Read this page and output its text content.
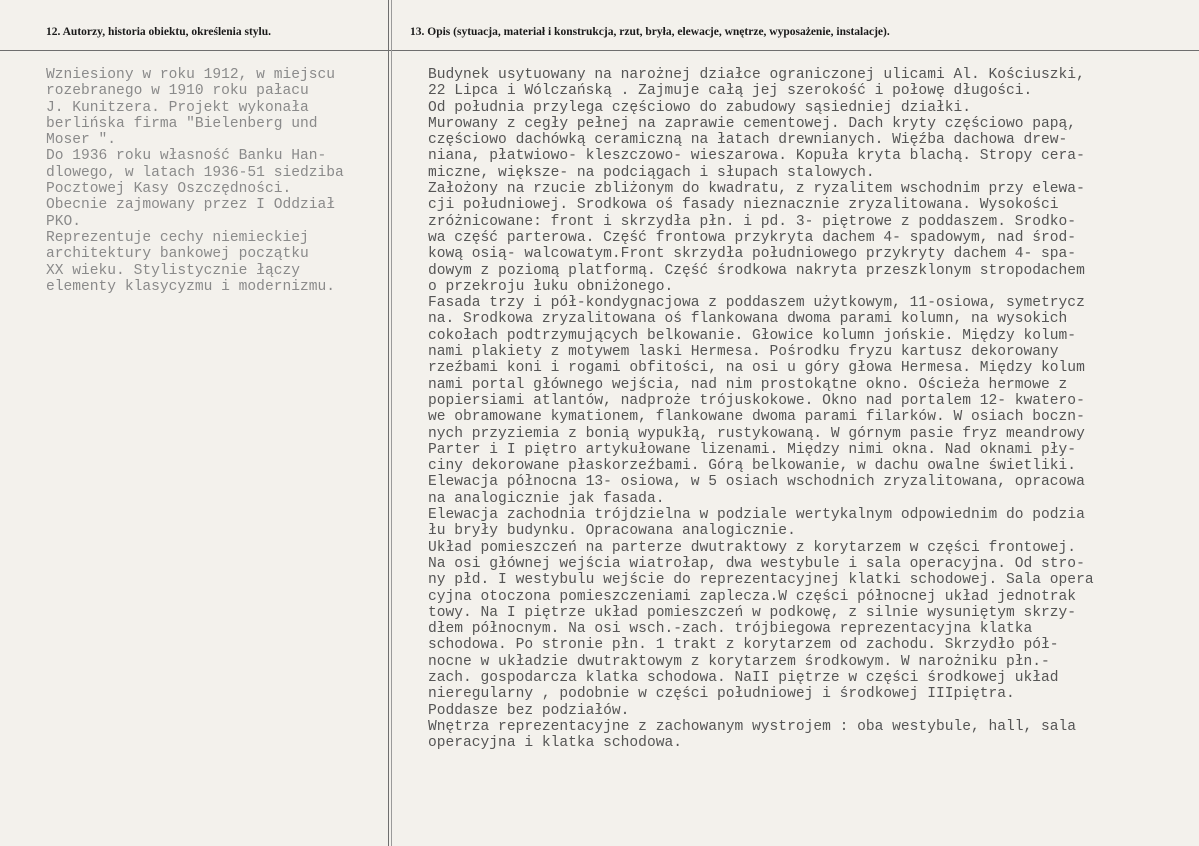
12. Autorzy, historia obiektu, określenia stylu.	13. Opis (sytuacja, materiał i konstrukcja, rzut, bryła, elewacje, wnętrze, wyposażenie, instalacje).
Wzniesiony w roku 1912, w miejscu
rozebranego w 1910 roku pałacu
J. Kunitzera. Projekt wykonała
berlińska firma "Bielenberg und
Moser ".
Do 1936 roku własność Banku Han-
dlowego, w latach 1936-51 siedziba
Pocztowej Kasy Oszczędności.
Obecnie zajmowany przez I Oddział
PKO.
Reprezentuje cechy niemieckiej
architektury bankowej początku
XX wieku. Stylistycznie łączy
elementy klasycyzmu i modernizmu.
Budynek usytuowany na narożnej działce ograniczonej ulicami Al. Kościuszki,
22 Lipca i Wólczańską . Zajmuje całą jej szerokość i połowę długości.
Od południa przylega częściowo do zabudowy sąsiedniej działki.
Murowany z cegły pełnej na zaprawie cementowej. Dach kryty częściowo papą,
częściowo dachówką ceramiczną na łatach drewnianych. Więźba dachowa drew-
niana, płatwiowo- kleszczowo- wieszarowa. Kopuła kryta blachą. Stropy cera-
miczne, większe- na podciągach i słupach stalowych.
Założony na rzucie zbliżonym do kwadratu, z ryzalitem wschodnim przy elewa-
cji południowej. Srodkowa oś fasady nieznacznie zryzalitowana. Wysokości
zróżnicowane: front i skrzydła płn. i pd. 3- piętrowe z poddaszem. Srodko-
wa część parterowa. Część frontowa przykryta dachem 4- spadowym, nad środ-
kową osią- walcowatym.Front skrzydła południowego przykryty dachem 4- spa-
dowym z poziomą platformą. Część środkowa nakryta przeszklonym stropodachem
o przekroju łuku obniżonego.
Fasada trzy i pół-kondygnacjowa z poddaszem użytkowym, 11-osiowa, symetrycz
na. Srodkowa zryzalitowana oś flankowana dwoma parami kolumn, na wysokich
cokołach podtrzymujących belkowanie. Głowice kolumn jońskie. Między kolum-
nami plakiety z motywem laski Hermesa. Pośrodku fryzu kartusz dekorowany
rzeźbami koni i rogami obfitości, na osi u góry głowa Hermesa. Między kolum
nami portal głównego wejścia, nad nim prostokątne okno. Ościeża hermowe z
popiersiami atlantów, nadproże trójuskokowe. Okno nad portalem 12- kwatero-
we obramowane kymationem, flankowane dwoma parami filarków. W osiach boczn-
nych przyziemia z bonią wypukłą, rustykowaną. W górnym pasie fryz meandrowy
Parter i I piętro artykułowane lizenami. Między nimi okna. Nad oknami pły-
ciny dekorowane płaskorzeźbami. Górą belkowanie, w dachu owalne świetliki.
Elewacja północna 13- osiowa, w 5 osiach wschodnich zryzalitowana, opracowa
na analogicznie jak fasada.
Elewacja zachodnia trójdzielna w podziale wertykalnym odpowiednim do podzia
łu bryły budynku. Opracowana analogicznie.
Układ pomieszczeń na parterze dwutraktowy z korytarzem w części frontowej.
Na osi głównej wejścia wiatrołap, dwa westybule i sala operacyjna. Od stro-
ny płd. I westybulu wejście do reprezentacyjnej klatki schodowej. Sala opera
cyjna otoczona pomieszczeniami zaplecza.W części północnej układ jednotrak
towy. Na I piętrze układ pomieszczeń w podkowę, z silnie wysuniętym skrzy-
dłem północnym. Na osi wsch.-zach. trójbiegowa reprezentacyjna klatka
schodowa. Po stronie płn. 1 trakt z korytarzem od zachodu. Skrzydło pół-
nocne w układzie dwutraktowym z korytarzem środkowym. W narożniku płn.-
zach. gospodarcza klatka schodowa. NaII piętrze w części środkowej układ
nieregularny , podobnie w części południowej i środkowej IIIpiętra.
Poddasze bez podziałów.
Wnętrza reprezentacyjne z zachowanym wystrojem : oba westybule, hall, sala
operacyjna i klatka schodowa.
